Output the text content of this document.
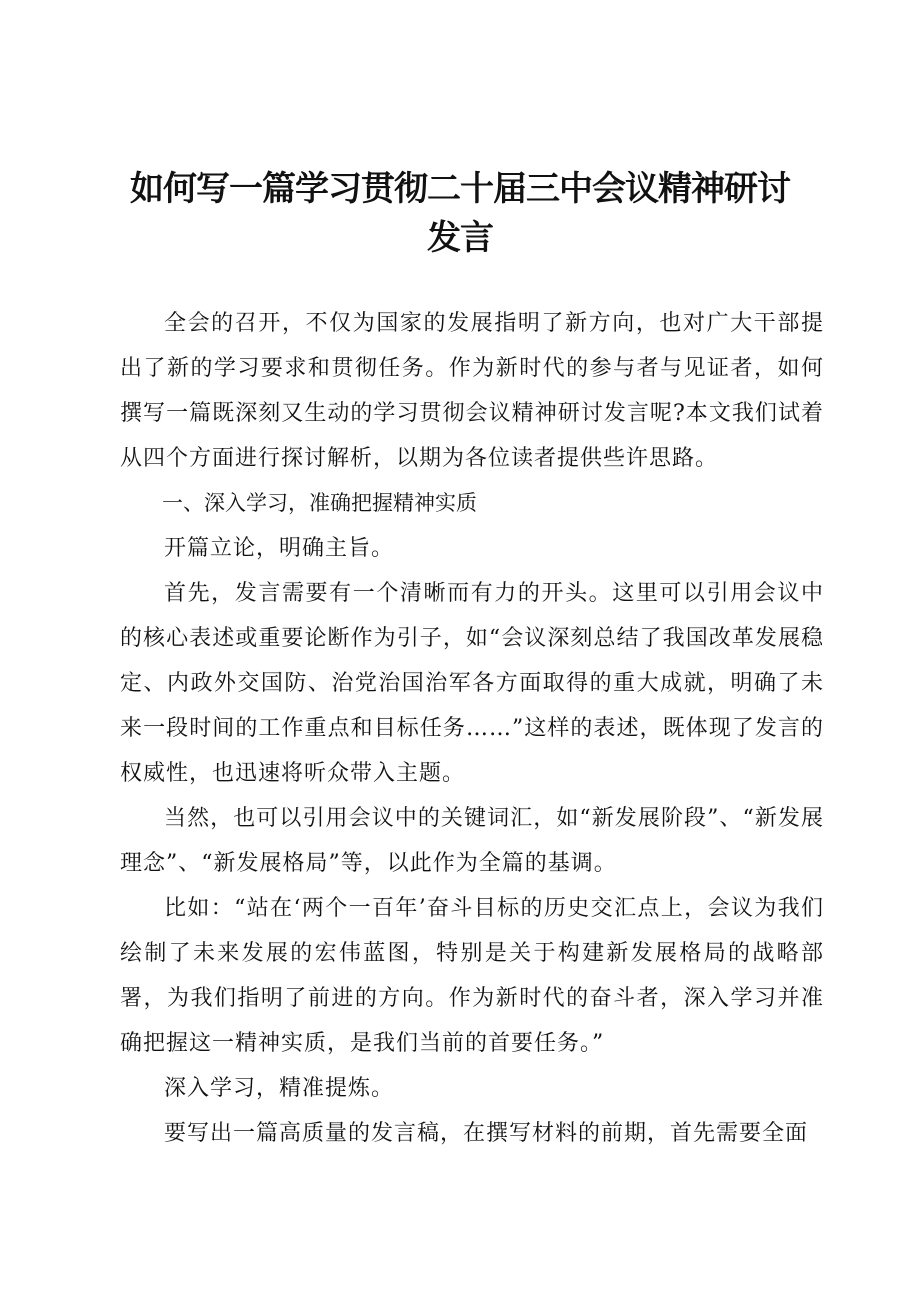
如何写一篇学习贯彻二十届三中会议精神研讨
发言

全会的召开，不仅为国家的发展指明了新方向，也对广大干部提出了新的学习要求和贯彻任务。作为新时代的参与者与见证者，如何撰写一篇既深刻又生动的学习贯彻会议精神研讨发言呢?本文我们试着从四个方面进行探讨解析，以期为各位读者提供些许思路。

一、深入学习，准确把握精神实质

开篇立论，明确主旨。

首先，发言需要有一个清晰而有力的开头。这里可以引用会议中的核心表述或重要论断作为引子，如“会议深刻总结了我国改革发展稳定、内政外交国防、治党治国治军各方面取得的重大成就，明确了未来一段时间的工作重点和目标任务……”这样的表述，既体现了发言的权威性，也迅速将听众带入主题。

当然，也可以引用会议中的关键词汇，如“新发展阶段”、“新发展理念”、“新发展格局”等，以此作为全篇的基调。

比如：“站在‘两个一百年’奋斗目标的历史交汇点上，会议为我们绘制了未来发展的宏伟蓝图，特别是关于构建新发展格局的战略部署，为我们指明了前进的方向。作为新时代的奋斗者，深入学习并准确把握这一精神实质，是我们当前的首要任务。”

深入学习，精准提炼。

要写出一篇高质量的发言稿，在撰写材料的前期，首先需要全面
